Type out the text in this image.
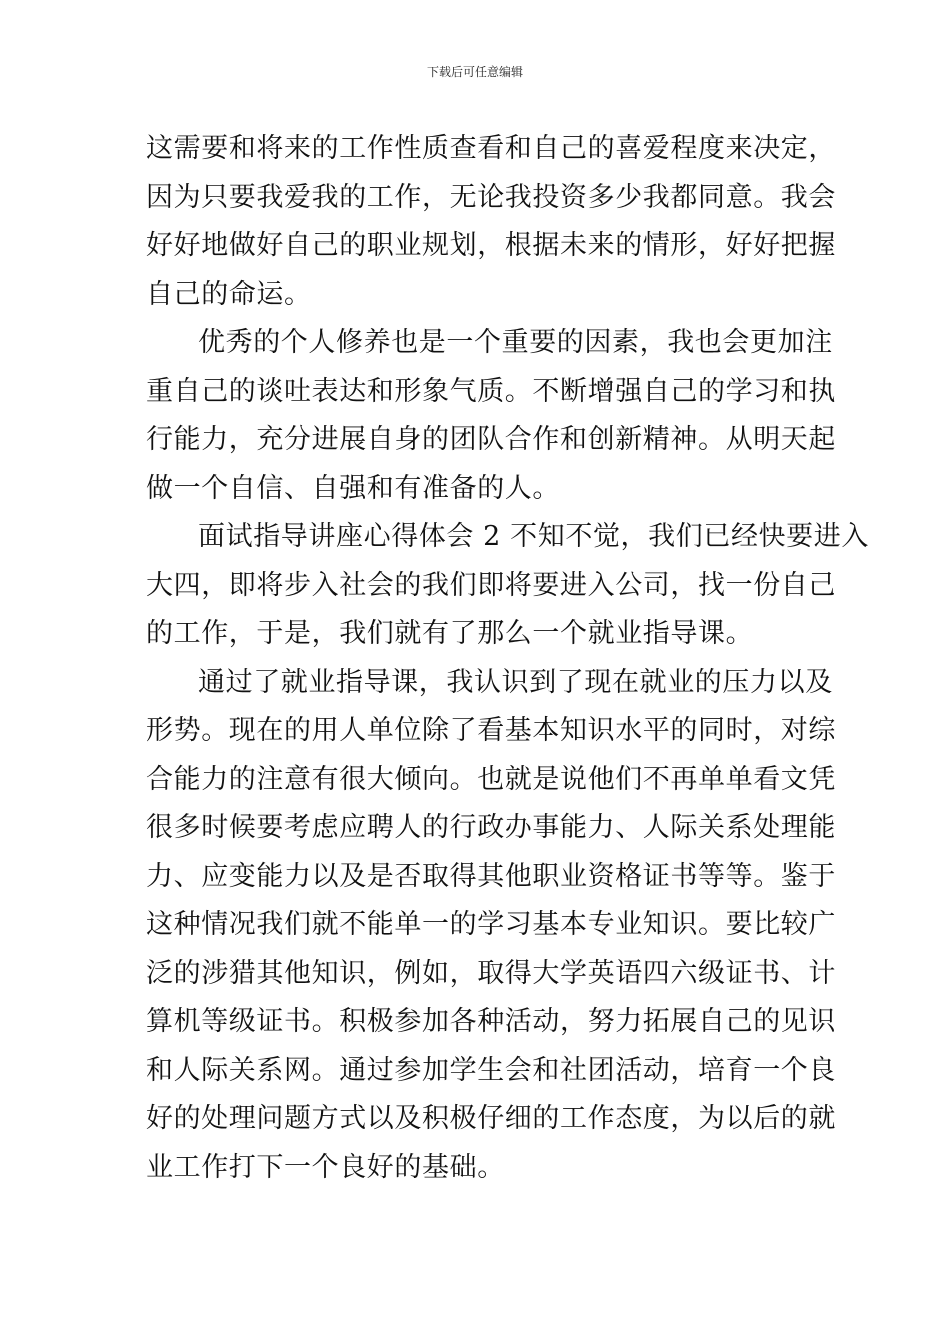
下载后可任意编辑
这需要和将来的工作性质查看和自己的喜爱程度来决定，
因为只要我爱我的工作，无论我投资多少我都同意。我会
好好地做好自己的职业规划，根据未来的情形，好好把握
自己的命运。
优秀的个人修养也是一个重要的因素，我也会更加注
重自己的谈吐表达和形象气质。不断增强自己的学习和执
行能力，充分进展自身的团队合作和创新精神。从明天起
做一个自信、自强和有准备的人。
面试指导讲座心得体会 2 不知不觉，我们已经快要进入
大四，即将步入社会的我们即将要进入公司，找一份自己
的工作，于是，我们就有了那么一个就业指导课。
通过了就业指导课，我认识到了现在就业的压力以及
形势。现在的用人单位除了看基本知识水平的同时，对综
合能力的注意有很大倾向。也就是说他们不再单单看文凭
很多时候要考虑应聘人的行政办事能力、人际关系处理能
力、应变能力以及是否取得其他职业资格证书等等。鉴于
这种情况我们就不能单一的学习基本专业知识。要比较广
泛的涉猎其他知识，例如，取得大学英语四六级证书、计
算机等级证书。积极参加各种活动，努力拓展自己的见识
和人际关系网。通过参加学生会和社团活动，培育一个良
好的处理问题方式以及积极仔细的工作态度，为以后的就
业工作打下一个良好的基础。
